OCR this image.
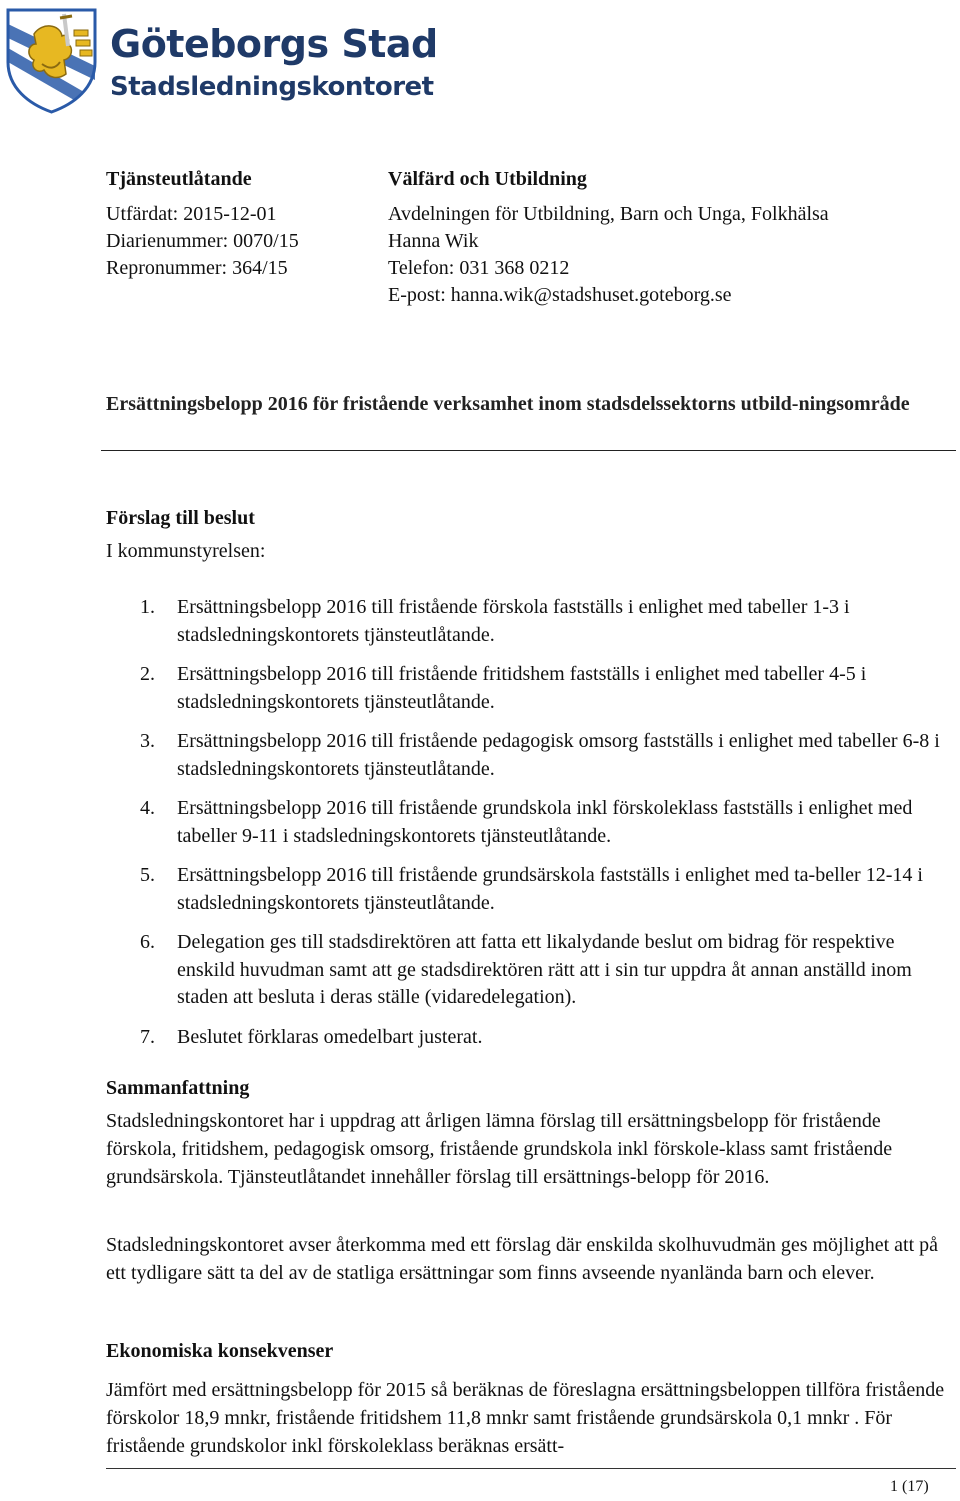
Göteborgs Stad
Stadsledningskontoret
Tjänsteutlåtande
Utfärdat: 2015-12-01
Diarienummer: 0070/15
Repronummer: 364/15
Välfärd och Utbildning
Avdelningen för Utbildning, Barn och Unga, Folkhälsa
Hanna Wik
Telefon: 031 368 0212
E-post: hanna.wik@stadshuset.goteborg.se
Ersättningsbelopp 2016 för fristående verksamhet inom stadsdelssektorns utbild-ningsområde
Förslag till beslut
I kommunstyrelsen:
1. Ersättningsbelopp 2016 till fristående förskola fastställs i enlighet med tabeller 1-3 i stadsledningskontorets tjänsteutlåtande.
2. Ersättningsbelopp 2016 till fristående fritidshem fastställs i enlighet med tabeller 4-5 i stadsledningskontorets tjänsteutlåtande.
3. Ersättningsbelopp 2016 till fristående pedagogisk omsorg fastställs i enlighet med tabeller 6-8 i stadsledningskontorets tjänsteutlåtande.
4. Ersättningsbelopp 2016 till fristående grundskola inkl förskoleklass fastställs i enlighet med tabeller 9-11 i stadsledningskontorets tjänsteutlåtande.
5. Ersättningsbelopp 2016 till fristående grundsärskola fastställs i enlighet med ta-beller 12-14 i stadsledningskontorets tjänsteutlåtande.
6. Delegation ges till stadsdirektören att fatta ett likalydande beslut om bidrag för respektive enskild huvudman samt att ge stadsdirektören rätt att i sin tur uppdra åt annan anställd inom staden att besluta i deras ställe (vidaredelegation).
7. Beslutet förklaras omedelbart justerat.
Sammanfattning
Stadsledningskontoret har i uppdrag att årligen lämna förslag till ersättningsbelopp för fristående förskola, fritidshem, pedagogisk omsorg, fristående grundskola inkl förskole-klass samt fristående grundsärskola. Tjänsteutlåtandet innehåller förslag till ersättnings-belopp för 2016.
Stadsledningskontoret avser återkomma med ett förslag där enskilda skolhuvudmän ges möjlighet att på ett tydligare sätt ta del av de statliga ersättningar som finns avseende nyanlända barn och elever.
Ekonomiska konsekvenser
Jämfört med ersättningsbelopp för 2015 så beräknas de föreslagna ersättningsbeloppen tillföra fristående förskolor 18,9 mnkr, fristående fritidshem 11,8 mnkr samt fristående grundsärskola 0,1 mnkr . För fristående grundskolor inkl förskoleklass beräknas ersätt-
1 (17)
